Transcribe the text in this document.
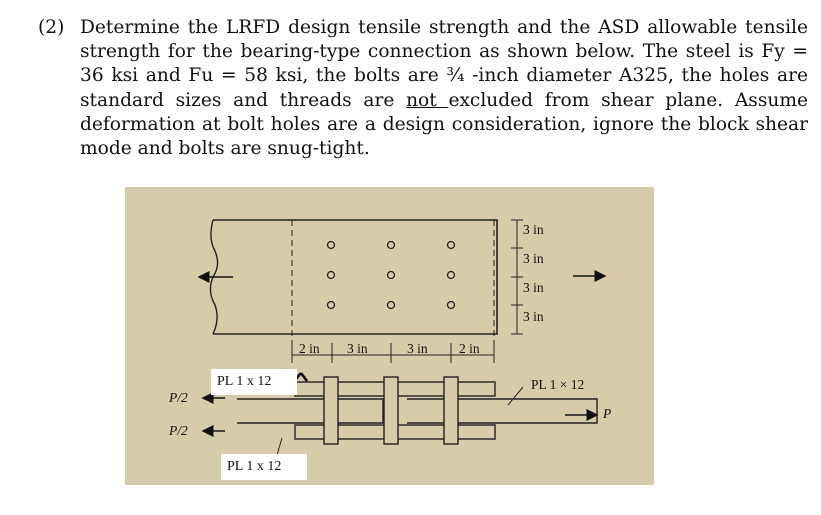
(2) Determine the LRFD design tensile strength and the ASD allowable tensile strength for the bearing-type connection as shown below. The steel is Fy = 36 ksi and Fu = 58 ksi, the bolts are ¾ -inch diameter A325, the holes are standard sizes and threads are not excluded from shear plane. Assume deformation at bolt holes are a design consideration, ignore the block shear mode and bolts are snug-tight.

3 in
3 in
3 in
3 in
2 in 3 in	3 in 2 in
PL 1 x 12
PL 1 x 12
PL 1 × 12
P/2
P/2
P
